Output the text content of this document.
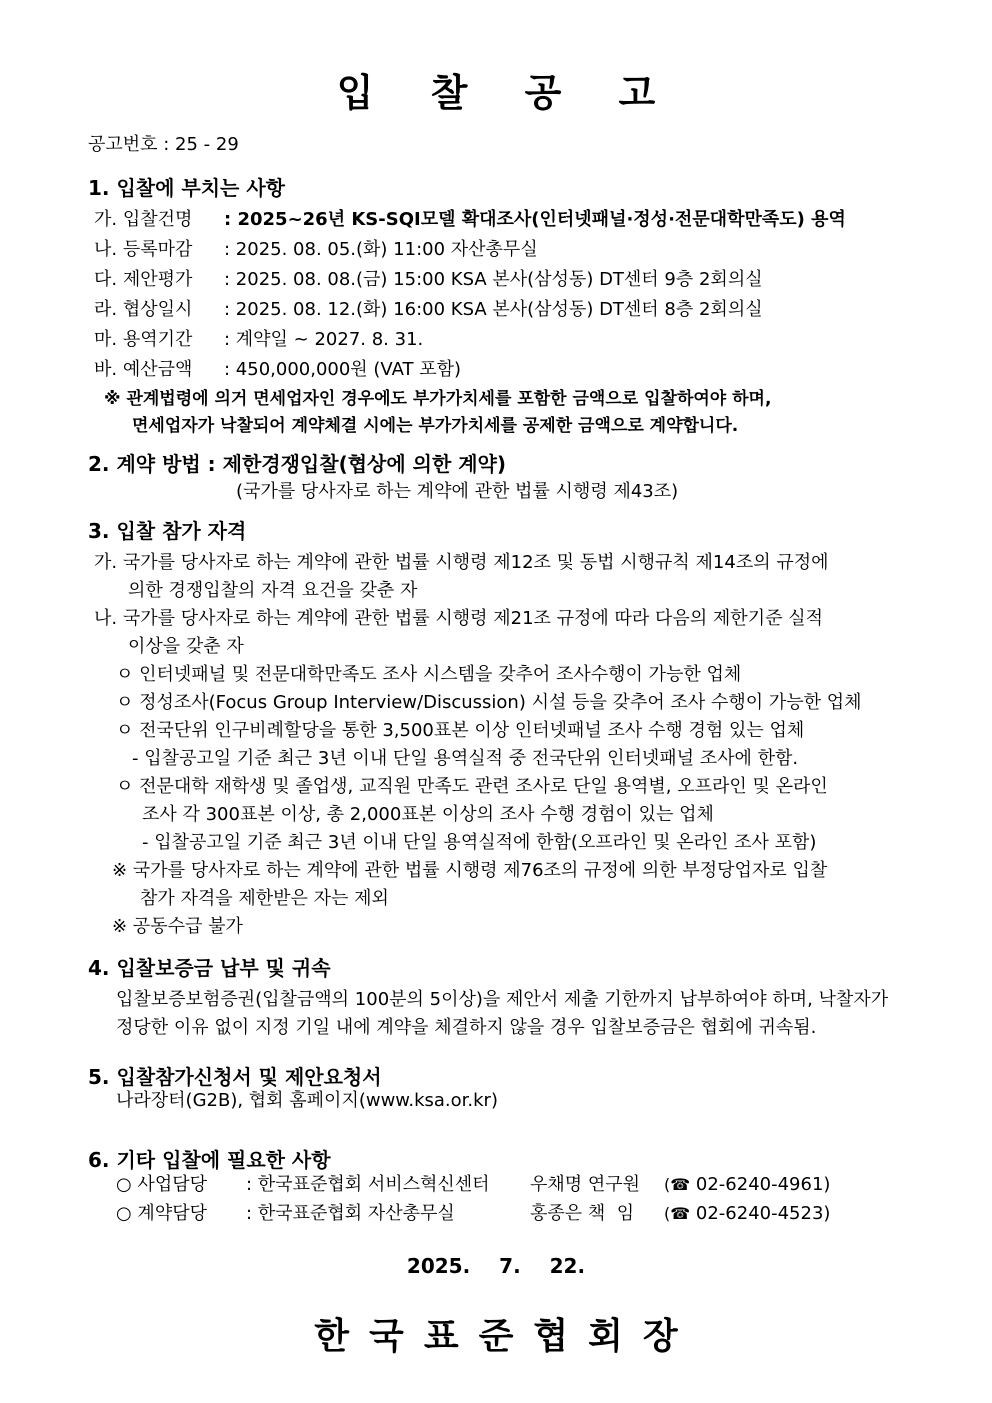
입 찰 공 고
공고번호 : 25 - 29
1. 입찰에 부치는 사항
가. 입찰건명 : 2025~26년 KS-SQI모델 확대조사(인터넷패널·정성·전문대학만족도) 용역
나. 등록마감 : 2025. 08. 05.(화) 11:00 자산총무실
다. 제안평가 : 2025. 08. 08.(금) 15:00 KSA 본사(삼성동) DT센터 9층 2회의실
라. 협상일시 : 2025. 08. 12.(화) 16:00 KSA 본사(삼성동) DT센터 8층 2회의실
마. 용역기간 : 계약일 ~ 2027. 8. 31.
바. 예산금액 : 450,000,000원 (VAT 포함)
※ 관계법령에 의거 면세업자인 경우에도 부가가치세를 포함한 금액으로 입찰하여야 하며,
면세업자가 낙찰되어 계약체결 시에는 부가가치세를 공제한 금액으로 계약합니다.
2. 계약 방법 : 제한경쟁입찰(협상에 의한 계약)
(국가를 당사자로 하는 계약에 관한 법률 시행령 제43조)
3. 입찰 참가 자격
가. 국가를 당사자로 하는 계약에 관한 법률 시행령 제12조 및 동법 시행규칙 제14조의 규정에
의한 경쟁입찰의 자격 요건을 갖춘 자
나. 국가를 당사자로 하는 계약에 관한 법률 시행령 제21조 규정에 따라 다음의 제한기준 실적
이상을 갖춘 자
ㅇ 인터넷패널 및 전문대학만족도 조사 시스템을 갖추어 조사수행이 가능한 업체
ㅇ 정성조사(Focus Group Interview/Discussion) 시설 등을 갖추어 조사 수행이 가능한 업체
ㅇ 전국단위 인구비례할당을 통한 3,500표본 이상 인터넷패널 조사 수행 경험 있는 업체
- 입찰공고일 기준 최근 3년 이내 단일 용역실적 중 전국단위 인터넷패널 조사에 한함.
ㅇ 전문대학 재학생 및 졸업생, 교직원 만족도 관련 조사로 단일 용역별, 오프라인 및 온라인
조사 각 300표본 이상, 총 2,000표본 이상의 조사 수행 경험이 있는 업체
- 입찰공고일 기준 최근 3년 이내 단일 용역실적에 한함(오프라인 및 온라인 조사 포함)
※ 국가를 당사자로 하는 계약에 관한 법률 시행령 제76조의 규정에 의한 부정당업자로 입찰
참가 자격을 제한받은 자는 제외
※ 공동수급 불가
4. 입찰보증금 납부 및 귀속
입찰보증보험증권(입찰금액의 100분의 5이상)을 제안서 제출 기한까지 납부하여야 하며, 낙찰자가
정당한 이유 없이 지정 기일 내에 계약을 체결하지 않을 경우 입찰보증금은 협회에 귀속됨.
5. 입찰참가신청서 및 제안요청서
나라장터(G2B), 협회 홈페이지(www.ksa.or.kr)
6. 기타 입찰에 필요한 사항
○ 사업담당 : 한국표준협회 서비스혁신센터 우채명 연구원 (☎ 02-6240-4961)
○ 계약담당 : 한국표준협회 자산총무실	홍종은 책  임 (☎ 02-6240-4523)
2025. 7. 22.
한국표준협회장
